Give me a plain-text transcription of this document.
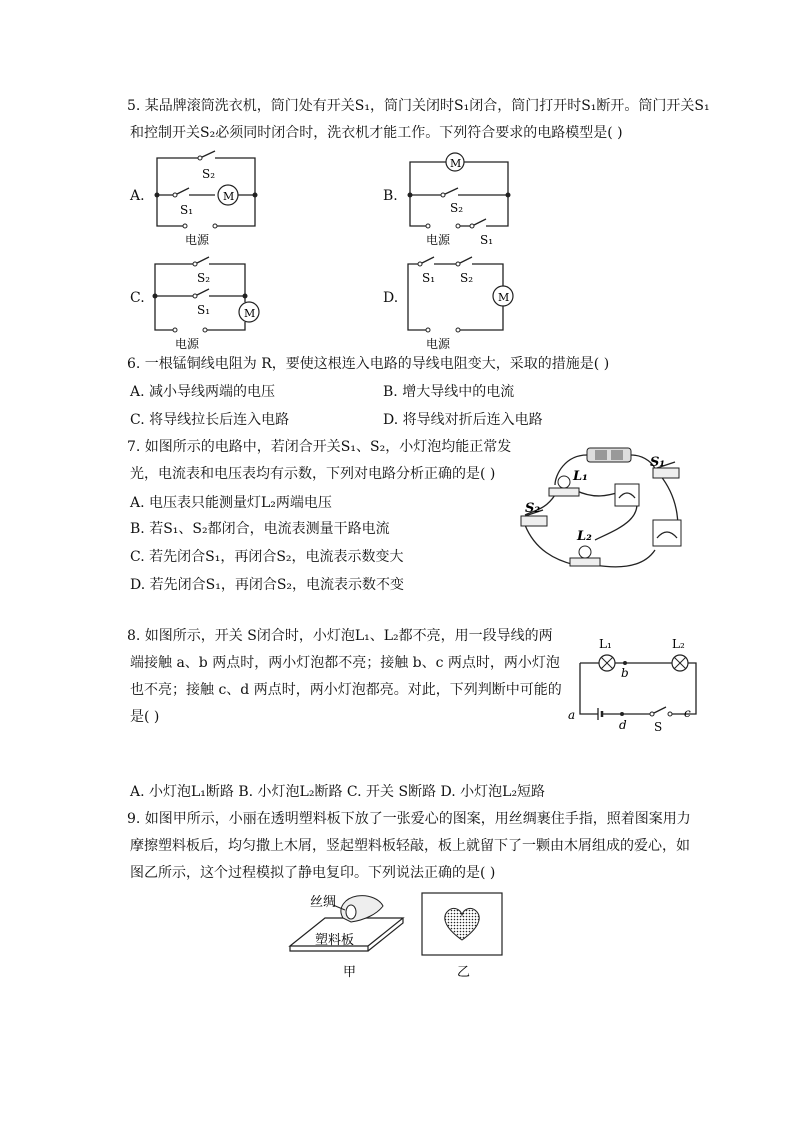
5. 某品牌滚筒洗衣机，筒门处有开关S₁，筒门关闭时S₁闭合，筒门打开时S₁断开。筒门开关S₁
和控制开关S₂必须同时闭合时，洗衣机才能工作。下列符合要求的电路模型是( )
A.
S₂
S₁
M
电源
B.
M
S₂
电源 S₁
C.
M
S₂
S₁
电源
D.	M
S₁ S₂
电源
6. 一根锰铜线电阻为 R，要使这根连入电路的导线电阻变大，采取的措施是( )
A. 减小导线两端的电压	B. 增大导线中的电流
C. 将导线拉长后连入电路	D. 将导线对折后连入电路
7. 如图所示的电路中，若闭合开关S₁、S₂，小灯泡均能正常发
光，电流表和电压表均有示数，下列对电路分析正确的是( )
A. 电压表只能测量灯L₂两端电压
B. 若S₁、S₂都闭合，电流表测量干路电流
C. 若先闭合S₁，再闭合S₂，电流表示数变大
D. 若先闭合S₁，再闭合S₂，电流表示数不变
S₁
L₁
S₂
L₂
8. 如图所示，开关 S闭合时，小灯泡L₁、L₂都不亮，用一段导线的两
端接触 a、b 两点时，两小灯泡都不亮；接触 b、c 两点时，两小灯泡
也不亮；接触 c、d 两点时，两小灯泡都亮。对此，下列判断中可能的
是( )
L₁	L₂
b
a
d
c
S
A. 小灯泡L₁断路 B. 小灯泡L₂断路 C. 开关 S断路 D. 小灯泡L₂短路
9. 如图甲所示，小丽在透明塑料板下放了一张爱心的图案，用丝绸裹住手指，照着图案用力
摩擦塑料板后，均匀撒上木屑，竖起塑料板轻敲，板上就留下了一颗由木屑组成的爱心，如
图乙所示，这个过程模拟了静电复印。下列说法正确的是( )
丝绸
塑料板
甲	乙
